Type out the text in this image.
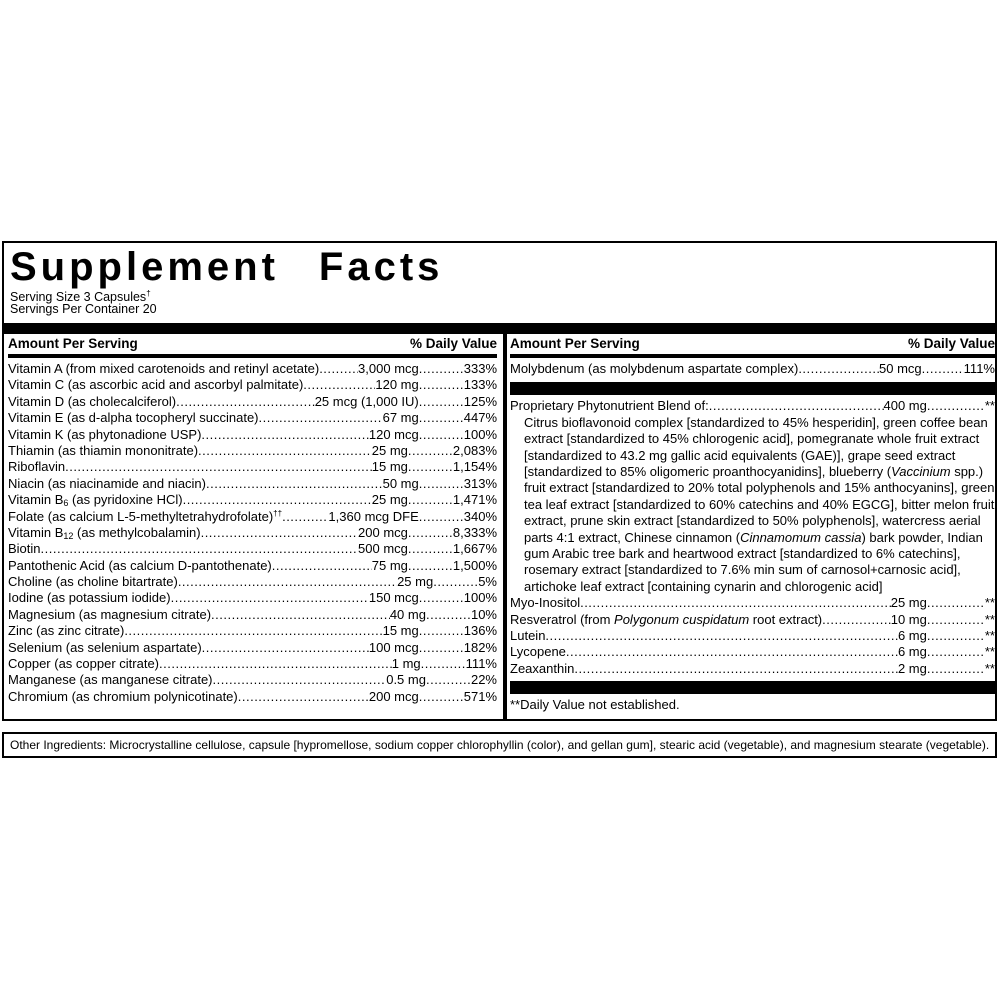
Supplement Facts
Serving Size 3 Capsules†
Servings Per Container 20
Amount Per Serving	% Daily Value
Vitamin A (from mixed carotenoids and retinyl acetate) .....	3,000 mcg .....	333%
Vitamin C (as ascorbic acid and ascorbyl palmitate) .....	120 mg .....	133%
Vitamin D (as cholecalciferol) .....	25 mcg (1,000 IU) .....	125%
Vitamin E (as d-alpha tocopheryl succinate) .....	67 mg .....	447%
Vitamin K (as phytonadione USP) .....	120 mcg .....	100%
Thiamin (as thiamin mononitrate) .....	25 mg .....	2,083%
Riboflavin .....	15 mg .....	1,154%
Niacin (as niacinamide and niacin) .....	50 mg .....	313%
Vitamin $B_6$ (as pyridoxine HCl) .....	25 mg .....	1,471%
Folate (as calcium L-5-methyltetrahydrofolate)†† .....	1,360 mcg DFE .....	340%
Vitamin $B_{12}$ (as methylcobalamin) .....	200 mcg .....	8,333%
Biotin .....	500 mcg .....	1,667%
Pantothenic Acid (as calcium D-pantothenate) .....	75 mg .....	1,500%
Choline (as choline bitartrate) .....	25 mg .....	5%
Iodine (as potassium iodide) .....	150 mcg .....	100%
Magnesium (as magnesium citrate) .....	40 mg .....	10%
Zinc (as zinc citrate) .....	15 mg .....	136%
Selenium (as selenium aspartate) .....	100 mcg .....	182%
Copper (as copper citrate) .....	1 mg .....	111%
Manganese (as manganese citrate) .....	0.5 mg .....	22%
Chromium (as chromium polynicotinate) .....	200 mcg .....	571%
Amount Per Serving	% Daily Value
Molybdenum (as molybdenum aspartate complex) .....	50 mcg .....	111%
Proprietary Phytonutrient Blend of: .....	400 mg .....	**
Citrus bioflavonoid complex [standardized to 45% hesperidin], green coffee bean extract [standardized to 45% chlorogenic acid], pomegranate whole fruit extract [standardized to 43.2 mg gallic acid equivalents (GAE)], grape seed extract [standardized to 85% oligomeric proanthocyanidins], blueberry (Vaccinium spp.) fruit extract [standardized to 20% total polyphenols and 15% anthocyanins], green tea leaf extract [standardized to 60% catechins and 40% EGCG], bitter melon fruit extract, prune skin extract [standardized to 50% polyphenols], watercress aerial parts 4:1 extract, Chinese cinnamon (Cinnamomum cassia) bark powder, Indian gum Arabic tree bark and heartwood extract [standardized to 6% catechins], rosemary extract [standardized to 7.6% min sum of carnosol+carnosic acid], artichoke leaf extract [containing cynarin and chlorogenic acid]
Myo-Inositol .....	25 mg .....	**
Resveratrol (from Polygonum cuspidatum root extract) .....	10 mg .....	**
Lutein .....	6 mg .....	**
Lycopene .....	6 mg .....	**
Zeaxanthin .....	2 mg .....	**
**Daily Value not established.
Other Ingredients: Microcrystalline cellulose, capsule [hypromellose, sodium copper chlorophyllin (color), and gellan gum], stearic acid (vegetable), and magnesium stearate (vegetable).
